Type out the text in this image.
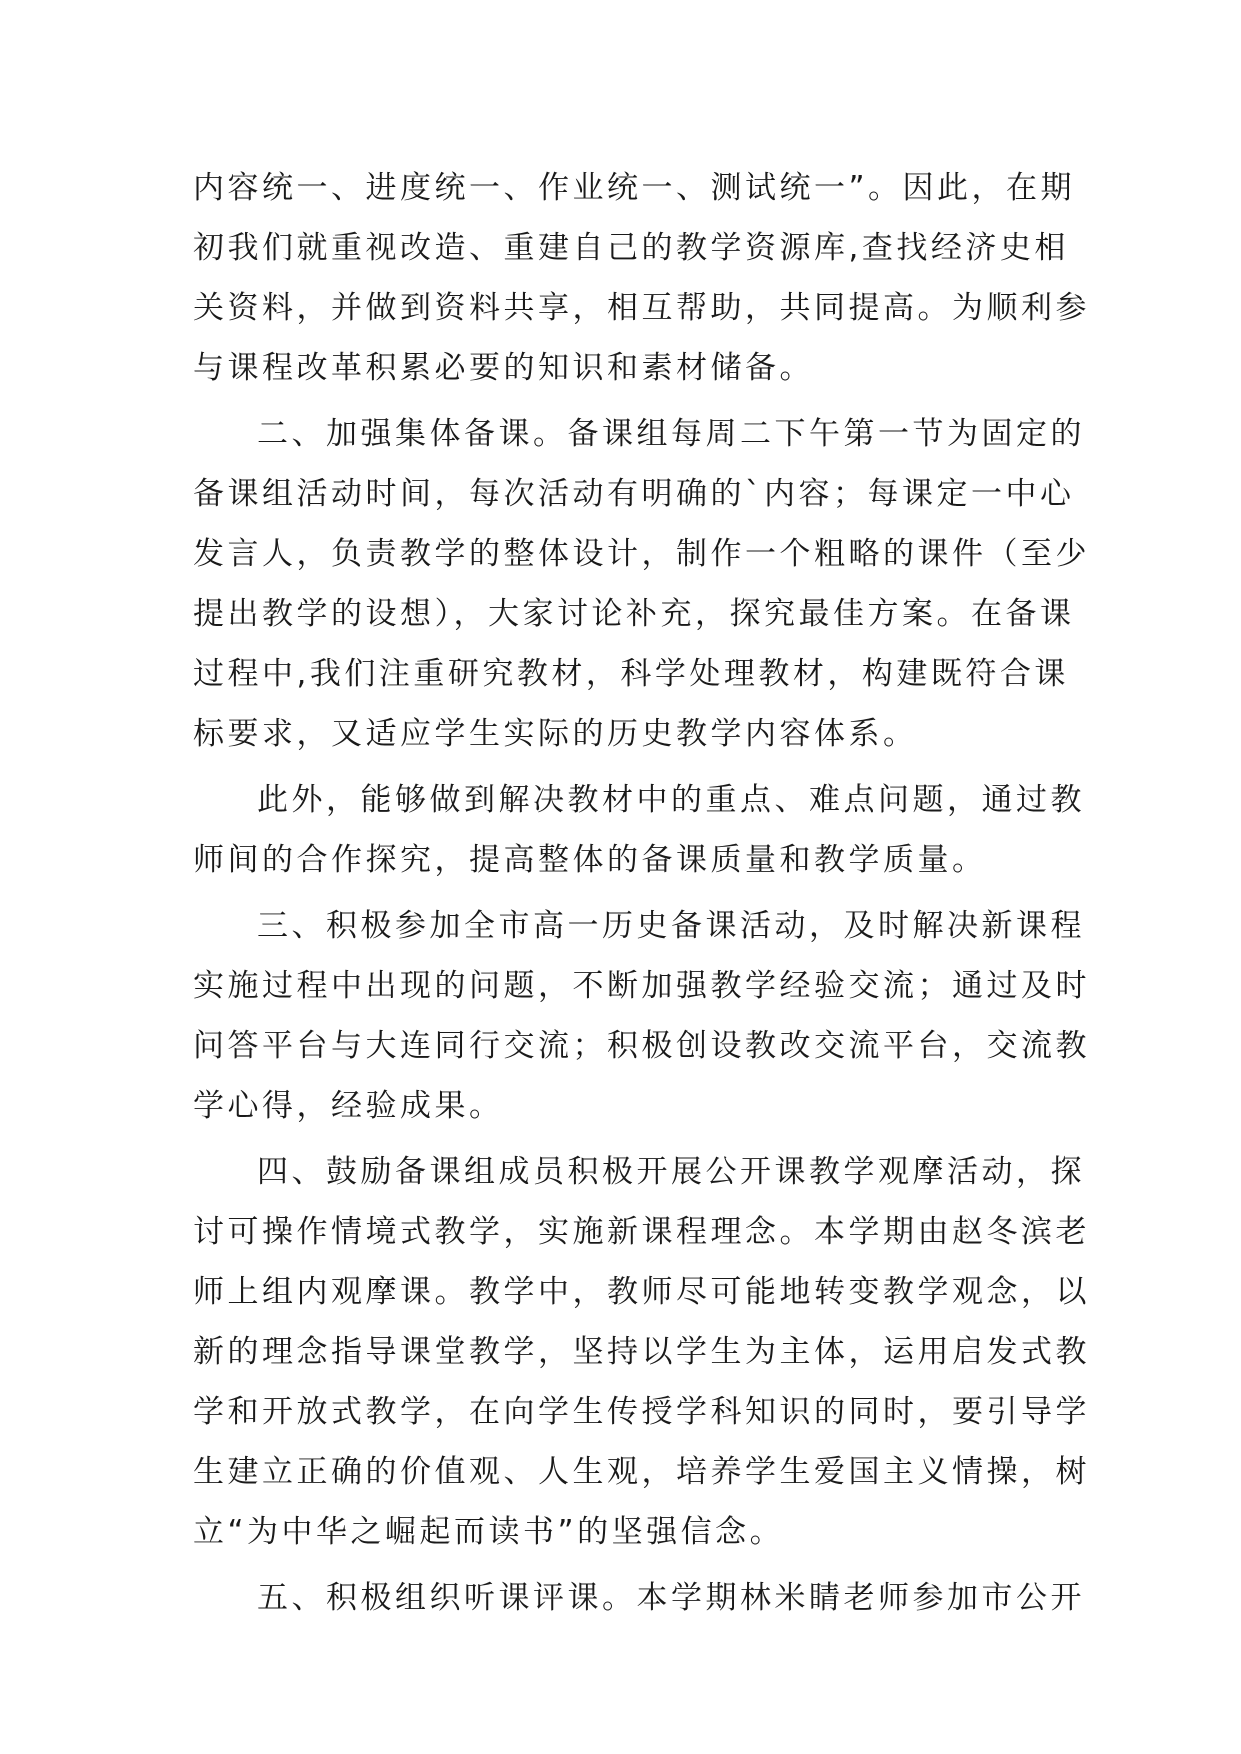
内容统一、进度统一、作业统一、测试统一”。因此，在期
初我们就重视改造、重建自己的教学资源库,查找经济史相
关资料，并做到资料共享，相互帮助，共同提高。为顺利参
与课程改革积累必要的知识和素材储备。
二、加强集体备课。备课组每周二下午第一节为固定的
备课组活动时间，每次活动有明确的`内容；每课定一中心
发言人，负责教学的整体设计，制作一个粗略的课件（至少
提出教学的设想），大家讨论补充，探究最佳方案。在备课
过程中,我们注重研究教材，科学处理教材，构建既符合课
标要求，又适应学生实际的历史教学内容体系。
此外，能够做到解决教材中的重点、难点问题，通过教
师间的合作探究，提高整体的备课质量和教学质量。
三、积极参加全市高一历史备课活动，及时解决新课程
实施过程中出现的问题，不断加强教学经验交流；通过及时
问答平台与大连同行交流；积极创设教改交流平台，交流教
学心得，经验成果。
四、鼓励备课组成员积极开展公开课教学观摩活动，探
讨可操作情境式教学，实施新课程理念。本学期由赵冬滨老
师上组内观摩课。教学中，教师尽可能地转变教学观念，以
新的理念指导课堂教学，坚持以学生为主体，运用启发式教
学和开放式教学，在向学生传授学科知识的同时，要引导学
生建立正确的价值观、人生观，培养学生爱国主义情操，树
立“为中华之崛起而读书”的坚强信念。
五、积极组织听课评课。本学期林米睛老师参加市公开
